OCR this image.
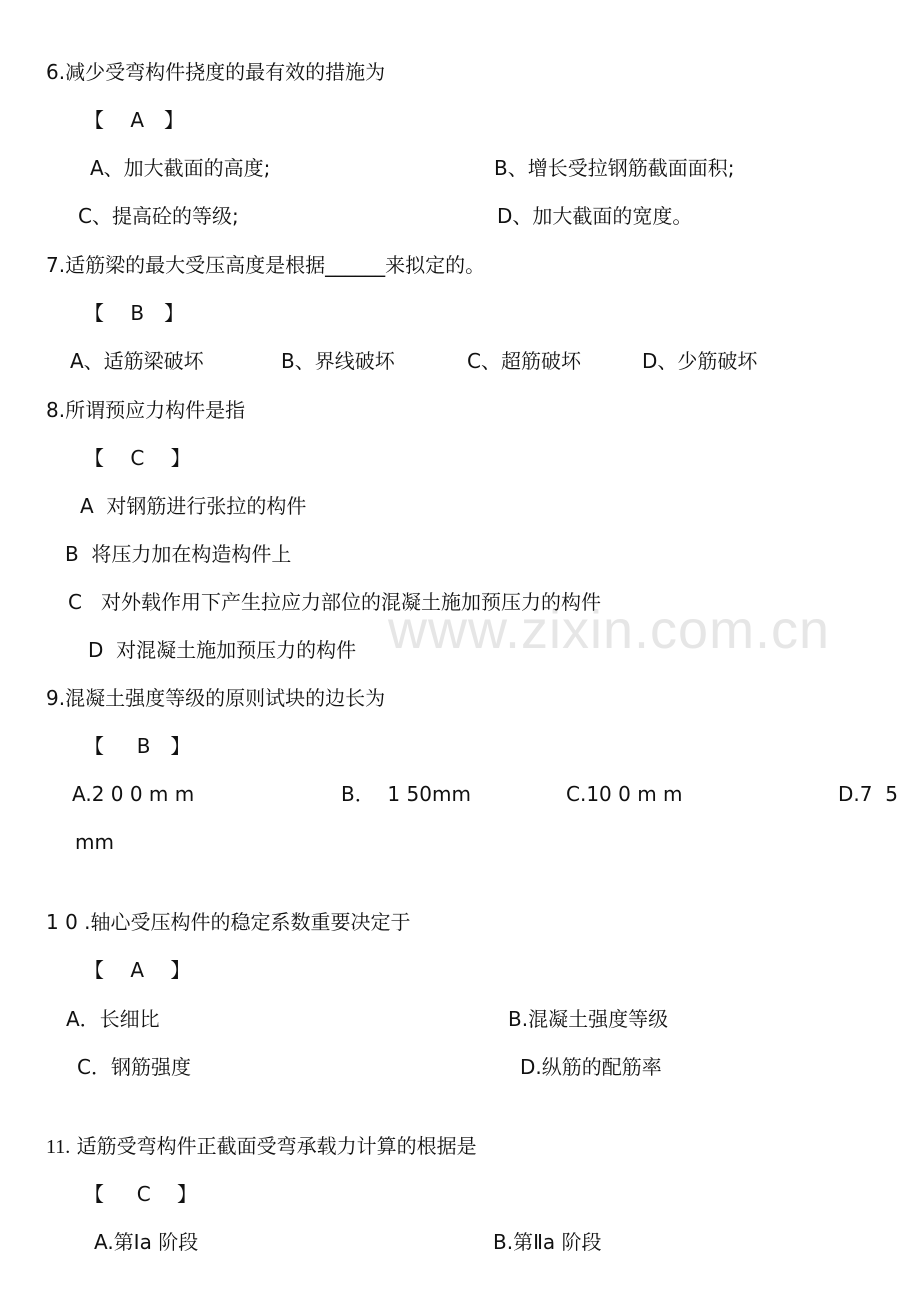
www.zixin.com.cn
6.减少受弯构件挠度的最有效的措施为
【　 A　】
A、加大截面的高度;	B、增长受拉钢筋截面面积;
C、提高砼的等级;	D、加大截面的宽度。
7.适筋梁的最大受压高度是根据______来拟定的。
【　 B　】
A、适筋梁破坏	B、界线破坏	C、超筋破坏	D、少筋破坏
8.所谓预应力构件是指
【　 C　 】
A  对钢筋进行张拉的构件
B  将压力加在构造构件上
C   对外载作用下产生拉应力部位的混凝土施加预压力的构件
D  对混凝土施加预压力的构件
9.混凝土强度等级的原则试块的边长为
【　  B　】
A.2 0 0 m m	B．  1 50mm	C.10 0 m m	D.7  5
mm
1 0 .轴心受压构件的稳定系数重要决定于
【　 A　 】
A．长细比	B.混凝土强度等级
C．钢筋强度	D.纵筋的配筋率
11. 适筋受弯构件正截面受弯承载力计算的根据是
【　  C　 】
A.第Ⅰa 阶段	B.第Ⅱa 阶段
